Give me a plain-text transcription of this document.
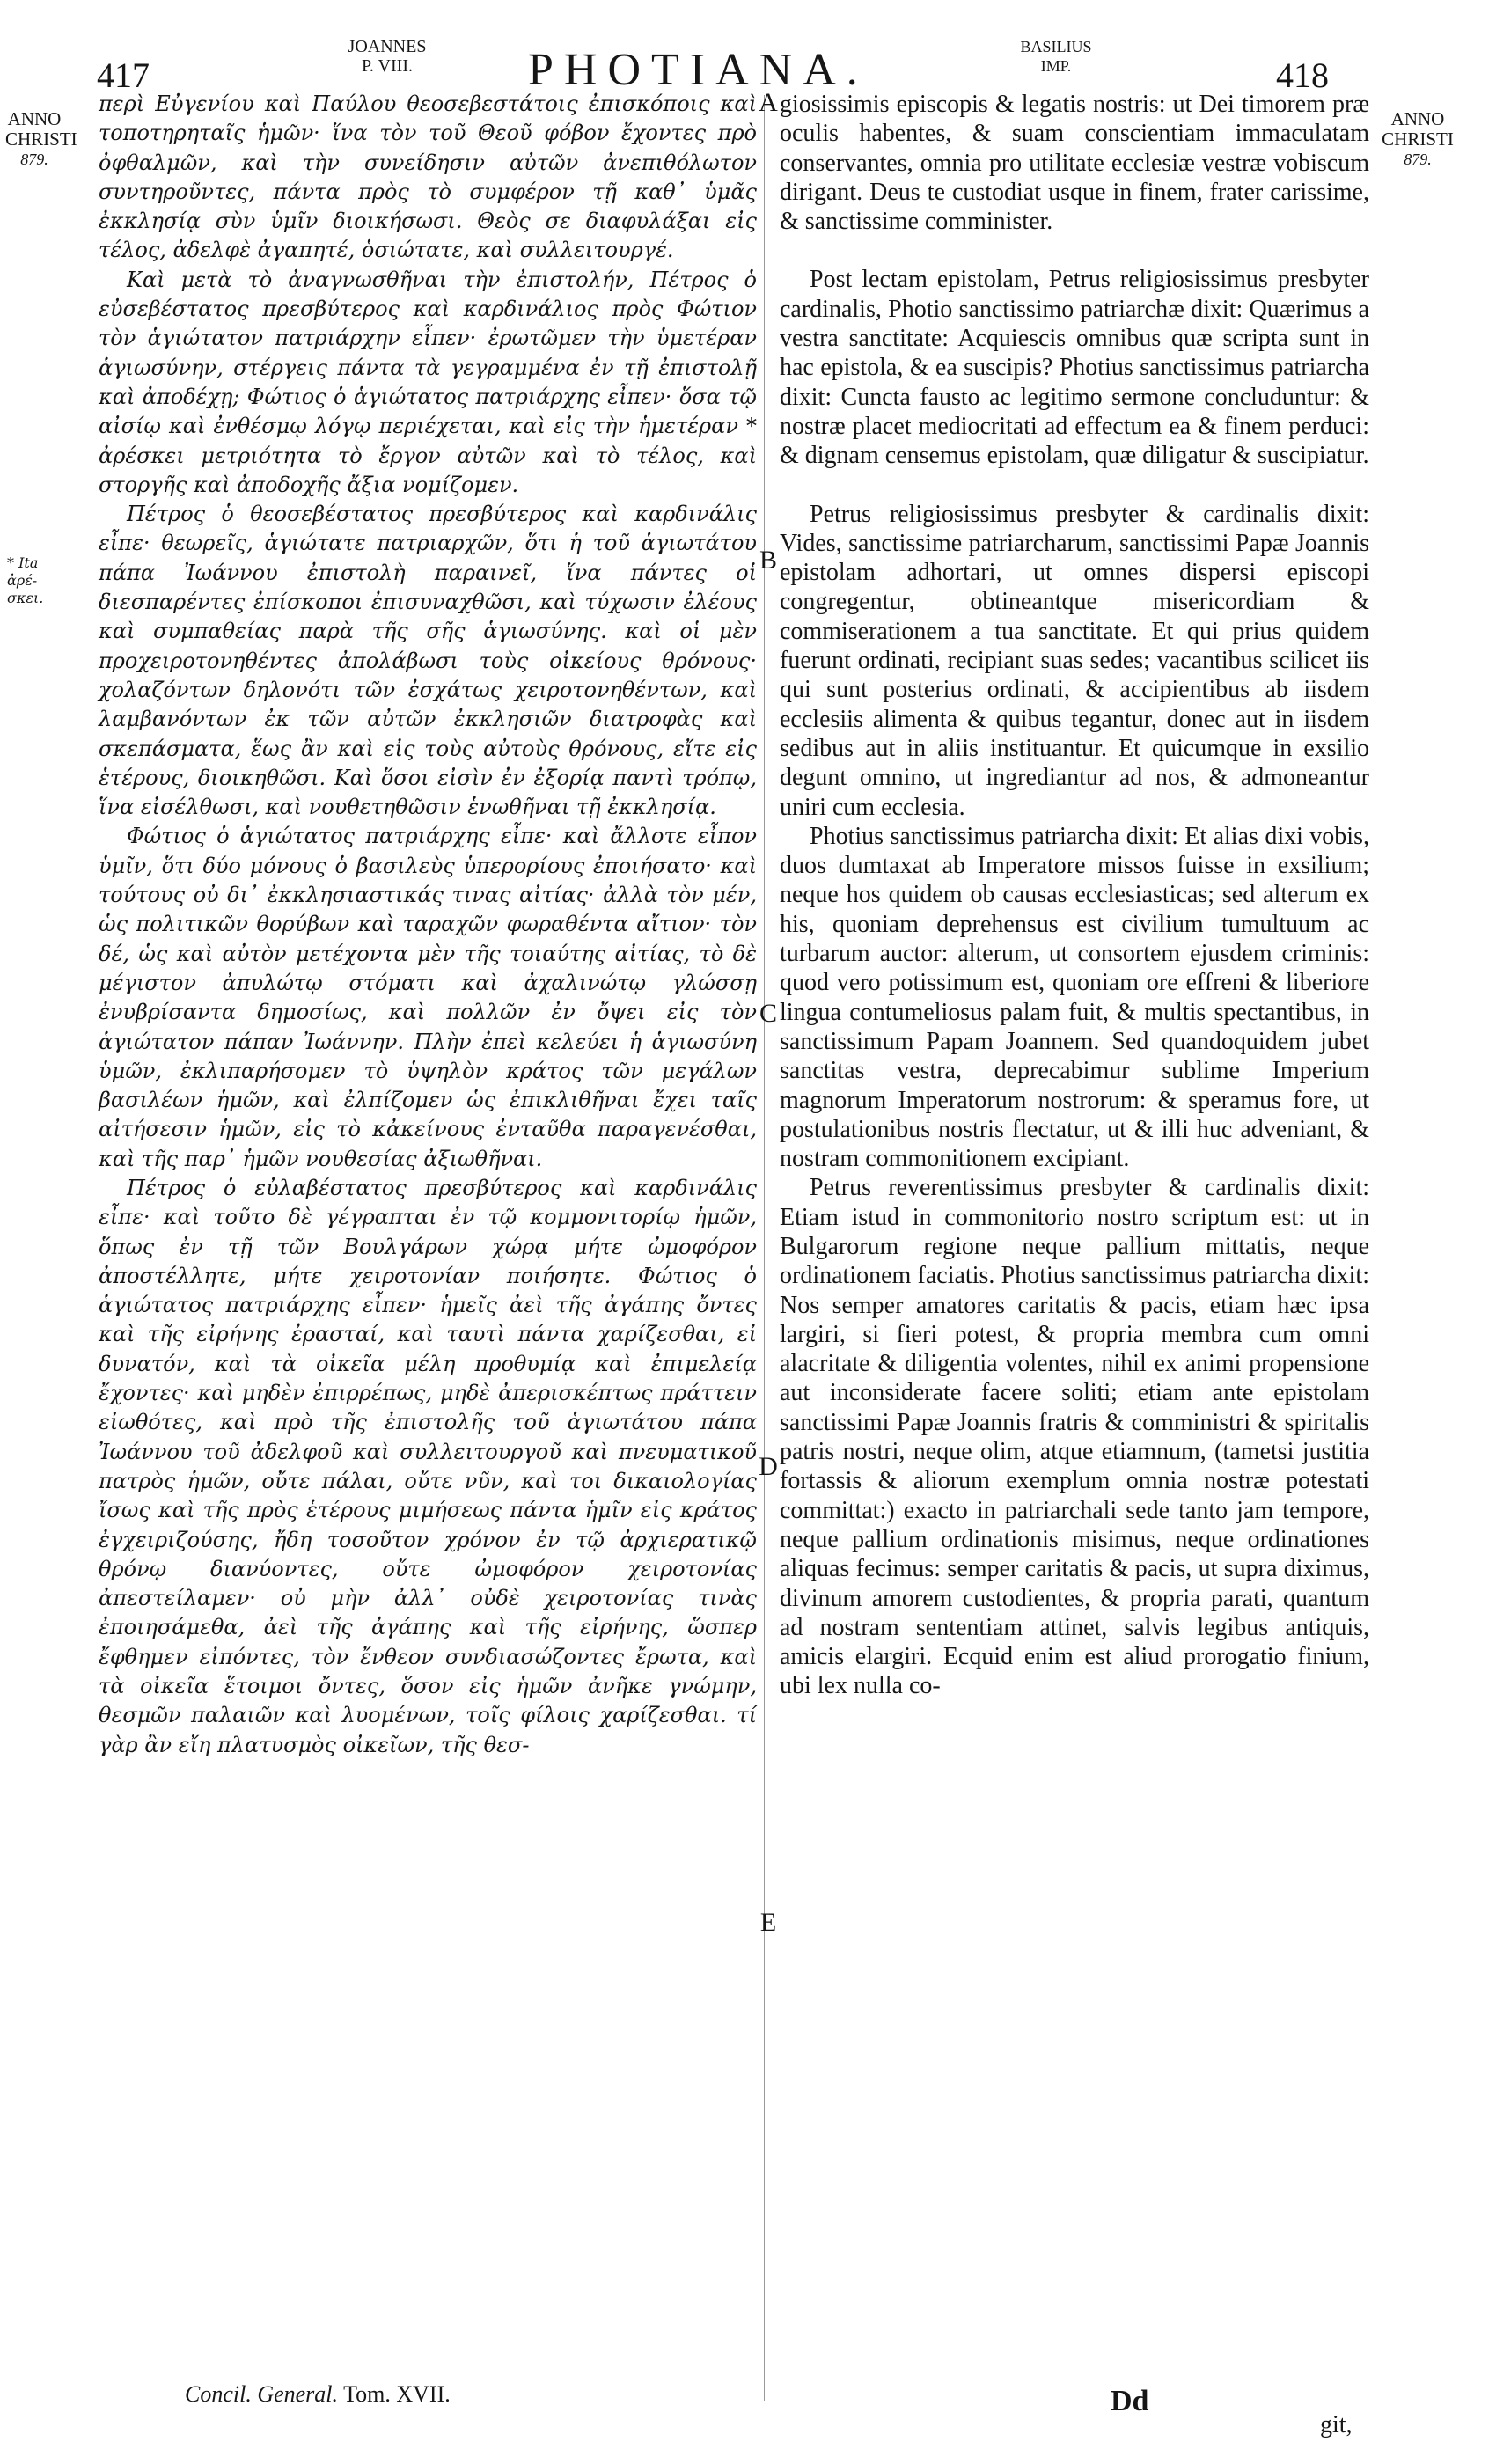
417
JOANNES
P. VIII.	PHOTIANA.	BASILIUS
IMP.	418
ANNO
CHRISTI
879.
ANNO
CHRISTI
879.
* Ita ἀρέ-σκει.
A
B
C
D
E

περὶ Εὐγενίου καὶ Παύλου θεοσεβεστάτοις ἐπισκόποις καὶ τοποτηρηταῖς ἡμῶν· ἵνα τὸν τοῦ Θεοῦ φόβον ἔχοντες πρὸ ὀφθαλμῶν, καὶ τὴν συνείδησιν αὐτῶν ἀνεπιθόλωτον συντηροῦντες, πάντα πρὸς τὸ συμφέρον τῇ καθ᾽ ὑμᾶς ἐκκλησίᾳ σὺν ὑμῖν διοικήσωσι. Θεὸς σε διαφυλάξαι εἰς τέλος, ἀδελφὲ ἀγαπητέ, ὁσιώτατε, καὶ συλλειτουργέ.

Καὶ μετὰ τὸ ἀναγνωσθῆναι τὴν ἐπιστολήν, Πέτρος ὁ εὐσεβέστατος πρεσβύτερος καὶ καρδινάλιος πρὸς Φώτιον τὸν ἁγιώτατον πατριάρχην εἶπεν· ἐρωτῶμεν τὴν ὑμετέραν ἁγιωσύνην, στέργεις πάντα τὰ γεγραμμένα ἐν τῇ ἐπιστολῇ καὶ ἀποδέχῃ; Φώτιος ὁ ἁγιώτατος πατριάρχης εἶπεν· ὅσα τῷ αἰσίῳ καὶ ἐνθέσμῳ λόγῳ περιέχεται, καὶ εἰς τὴν ἡμετέραν * ἀρέσκει μετριότητα τὸ ἔργον αὐτῶν καὶ τὸ τέλος, καὶ στοργῆς καὶ ἀποδοχῆς ἄξια νομίζομεν.

Πέτρος ὁ θεοσεβέστατος πρεσβύτερος καὶ καρδινάλις εἶπε· θεωρεῖς, ἁγιώτατε πατριαρχῶν, ὅτι ἡ τοῦ ἁγιωτάτου πάπα Ἰωάννου ἐπιστολὴ παραινεῖ, ἵνα πάντες οἱ διεσπαρέντες ἐπίσκοποι ἐπισυναχθῶσι, καὶ τύχωσιν ἐλέους καὶ συμπαθείας παρὰ τῆς σῆς ἁγιωσύνης. καὶ οἱ μὲν προχειροτονηθέντες ἀπολάβωσι τοὺς οἰκείους θρόνους· χολαζόντων δηλονότι τῶν ἐσχάτως χειροτονηθέντων, καὶ λαμβανόντων ἐκ τῶν αὐτῶν ἐκκλησιῶν διατροφὰς καὶ σκεπάσματα, ἕως ἂν καὶ εἰς τοὺς αὐτοὺς θρόνους, εἴτε εἰς ἑτέρους, διοικηθῶσι. Καὶ ὅσοι εἰσὶν ἐν ἐξορίᾳ παντὶ τρόπῳ, ἵνα εἰσέλθωσι, καὶ νουθετηθῶσιν ἑνωθῆναι τῇ ἐκκλησίᾳ.

Φώτιος ὁ ἁγιώτατος πατριάρχης εἶπε· καὶ ἄλλοτε εἶπον ὑμῖν, ὅτι δύο μόνους ὁ βασιλεὺς ὑπερορίους ἐποιήσατο· καὶ τούτους οὐ δι᾽ ἐκκλησιαστικάς τινας αἰτίας· ἀλλὰ τὸν μέν, ὡς πολιτικῶν θορύβων καὶ ταραχῶν φωραθέντα αἴτιον· τὸν δέ, ὡς καὶ αὐτὸν μετέχοντα μὲν τῆς τοιαύτης αἰτίας, τὸ δὲ μέγιστον ἀπυλώτῳ στόματι καὶ ἀχαλινώτῳ γλώσσῃ ἐνυβρίσαντα δημοσίως, καὶ πολλῶν ἐν ὄψει εἰς τὸν ἁγιώτατον πάπαν Ἰωάννην. Πλὴν ἐπεὶ κελεύει ἡ ἁγιωσύνη ὑμῶν, ἐκλιπαρήσομεν τὸ ὑψηλὸν κράτος τῶν μεγάλων βασιλέων ἡμῶν, καὶ ἐλπίζομεν ὡς ἐπικλιθῆναι ἔχει ταῖς αἰτήσεσιν ἡμῶν, εἰς τὸ κἀκείνους ἐνταῦθα παραγενέσθαι, καὶ τῆς παρ᾽ ἡμῶν νουθεσίας ἀξιωθῆναι.

Πέτρος ὁ εὐλαβέστατος πρεσβύτερος καὶ καρδινάλις εἶπε· καὶ τοῦτο δὲ γέγραπται ἐν τῷ κομμονιτορίῳ ἡμῶν, ὅπως ἐν τῇ τῶν Βουλγάρων χώρᾳ μήτε ὠμοφόρον ἀποστέλλητε, μήτε χειροτονίαν ποιήσητε. Φώτιος ὁ ἁγιώτατος πατριάρχης εἶπεν· ἡμεῖς ἀεὶ τῆς ἀγάπης ὄντες καὶ τῆς εἰρήνης ἐρασταί, καὶ ταυτὶ πάντα χαρίζεσθαι, εἰ δυνατόν, καὶ τὰ οἰκεῖα μέλη προθυμίᾳ καὶ ἐπιμελείᾳ ἔχοντες· καὶ μηδὲν ἐπιρρέπως, μηδὲ ἀπερισκέπτως πράττειν εἰωθότες, καὶ πρὸ τῆς ἐπιστολῆς τοῦ ἁγιωτάτου πάπα Ἰωάννου τοῦ ἀδελφοῦ καὶ συλλειτουργοῦ καὶ πνευματικοῦ πατρὸς ἡμῶν, οὔτε πάλαι, οὔτε νῦν, καὶ τοι δικαιολογίας ἴσως καὶ τῆς πρὸς ἑτέρους μιμήσεως πάντα ἡμῖν εἰς κράτος ἐγχειριζούσης, ἤδη τοσοῦτον χρόνον ἐν τῷ ἀρχιερατικῷ θρόνῳ διανύοντες, οὔτε ὠμοφόρον χειροτονίας ἀπεστείλαμεν· οὐ μὴν ἀλλ᾽ οὐδὲ χειροτονίας τινὰς ἐποιησάμεθα, ἀεὶ τῆς ἀγάπης καὶ τῆς εἰρήνης, ὥσπερ ἔφθημεν εἰπόντες, τὸν ἔνθεον συνδιασώζοντες ἔρωτα, καὶ τὰ οἰκεῖα ἕτοιμοι ὄντες, ὅσον εἰς ἡμῶν ἀνῆκε γνώμην, θεσμῶν παλαιῶν καὶ λυομένων, τοῖς φίλοις χαρίζεσθαι. τί γὰρ ἂν εἴη πλατυσμὸς οἰκεῖων, τῆς θεσ-

giosissimis episcopis & legatis nostris: ut Dei timorem præ oculis habentes, & suam conscientiam immaculatam conservantes, omnia pro utilitate ecclesiæ vestræ vobiscum dirigant. Deus te custodiat usque in finem, frater carissime, & sanctissime comminister.

Post lectam epistolam, Petrus religiosissimus presbyter cardinalis, Photio sanctissimo patriarchæ dixit: Quærimus a vestra sanctitate: Acquiescis omnibus quæ scripta sunt in hac epistola, & ea suscipis? Photius sanctissimus patriarcha dixit: Cuncta fausto ac legitimo sermone concluduntur: & nostræ placet mediocritati ad effectum ea & finem perduci: & dignam censemus epistolam, quæ diligatur & suscipiatur.

Petrus religiosissimus presbyter & cardinalis dixit: Vides, sanctissime patriarcharum, sanctissimi Papæ Joannis epistolam adhortari, ut omnes dispersi episcopi congregentur, obtineantque misericordiam & commiserationem a tua sanctitate. Et qui prius quidem fuerunt ordinati, recipiant suas sedes; vacantibus scilicet iis qui sunt posterius ordinati, & accipientibus ab iisdem ecclesiis alimenta & quibus tegantur, donec aut in iisdem sedibus aut in aliis instituantur. Et quicumque in exsilio degunt omnino, ut ingrediantur ad nos, & admoneantur uniri cum ecclesia.

Photius sanctissimus patriarcha dixit: Et alias dixi vobis, duos dumtaxat ab Imperatore missos fuisse in exsilium; neque hos quidem ob causas ecclesiasticas; sed alterum ex his, quoniam deprehensus est civilium tumultuum ac turbarum auctor: alterum, ut consortem ejusdem criminis: quod vero potissimum est, quoniam ore effreni & liberiore lingua contumeliosus palam fuit, & multis spectantibus, in sanctissimum Papam Joannem. Sed quandoquidem jubet sanctitas vestra, deprecabimur sublime Imperium magnorum Imperatorum nostrorum: & speramus fore, ut postulationibus nostris flectatur, ut & illi huc adveniant, & nostram commonitionem excipiant.

Petrus reverentissimus presbyter & cardinalis dixit: Etiam istud in commonitorio nostro scriptum est: ut in Bulgarorum regione neque pallium mittatis, neque ordinationem faciatis. Photius sanctissimus patriarcha dixit: Nos semper amatores caritatis & pacis, etiam hæc ipsa largiri, si fieri potest, & propria membra cum omni alacritate & diligentia volentes, nihil ex animi propensione aut inconsiderate facere soliti; etiam ante epistolam sanctissimi Papæ Joannis fratris & comministri & spiritalis patris nostri, neque olim, atque etiamnum, (tametsi justitia fortassis & aliorum exemplum omnia nostræ potestati committat:) exacto in patriarchali sede tanto jam tempore, neque pallium ordinationis misimus, neque ordinationes aliquas fecimus: semper caritatis & pacis, ut supra diximus, divinum amorem custodientes, & propria parati, quantum ad nostram sententiam attinet, salvis legibus antiquis, amicis elargiri. Ecquid enim est aliud prorogatio finium, ubi lex nulla co-

Concil. General. Tom. XVII.	Dd
git,
